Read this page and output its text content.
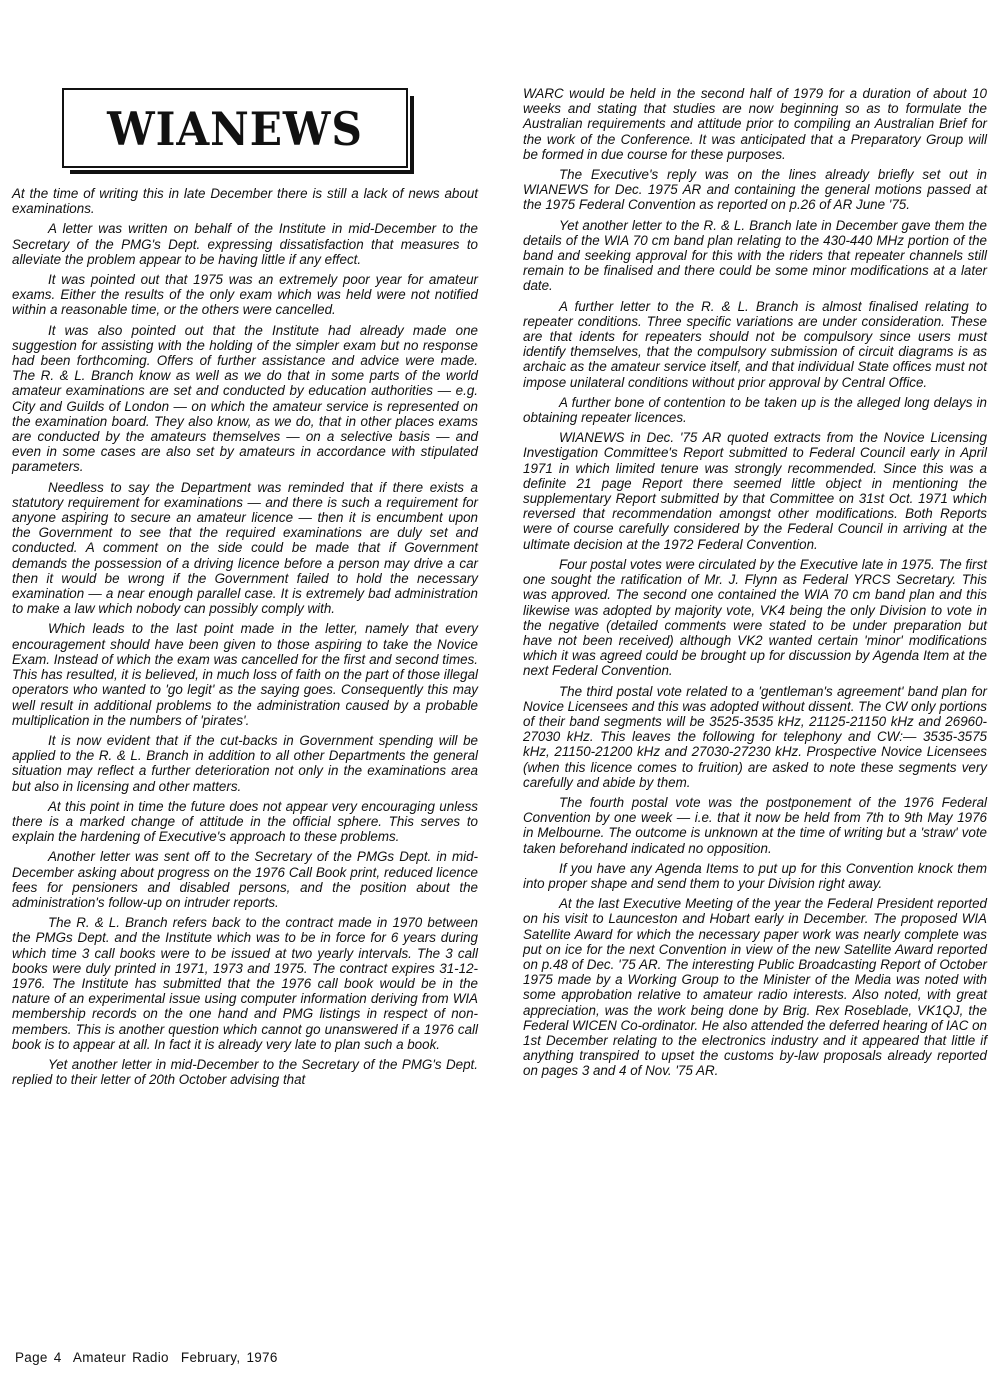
WIANEWS

At the time of writing this in late December there is still a lack of news about examinations.

A letter was written on behalf of the Institute in mid-December to the Secretary of the PMG's Dept. expressing dissatisfaction that measures to alleviate the problem appear to be having little if any effect.

It was pointed out that 1975 was an extremely poor year for amateur exams. Either the results of the only exam which was held were not notified within a reasonable time, or the others were cancelled.

It was also pointed out that the Institute had already made one suggestion for assisting with the holding of the simpler exam but no response had been forthcoming. Offers of further assistance and advice were made. The R. & L. Branch know as well as we do that in some parts of the world amateur examinations are set and conducted by education authorities — e.g. City and Guilds of London — on which the amateur service is represented on the examination board. They also know, as we do, that in other places exams are conducted by the amateurs themselves — on a selective basis — and even in some cases are also set by amateurs in accordance with stipulated parameters.

Needless to say the Department was reminded that if there exists a statutory requirement for examinations — and there is such a requirement for anyone aspiring to secure an amateur licence — then it is encumbent upon the Government to see that the required examinations are duly set and conducted. A comment on the side could be made that if Government demands the possession of a driving licence before a person may drive a car then it would be wrong if the Government failed to hold the necessary examination — a near enough parallel case. It is extremely bad administration to make a law which nobody can possibly comply with.

Which leads to the last point made in the letter, namely that every encouragement should have been given to those aspiring to take the Novice Exam. Instead of which the exam was cancelled for the first and second times. This has resulted, it is believed, in much loss of faith on the part of those illegal operators who wanted to 'go legit' as the saying goes. Consequently this may well result in additional problems to the administration caused by a probable multiplication in the numbers of 'pirates'.

It is now evident that if the cut-backs in Government spending will be applied to the R. & L. Branch in addition to all other Departments the general situation may reflect a further deterioration not only in the examinations area but also in licensing and other matters.

At this point in time the future does not appear very encouraging unless there is a marked change of attitude in the official sphere. This serves to explain the hardening of Executive's approach to these problems.

Another letter was sent off to the Secretary of the PMGs Dept. in mid-December asking about progress on the 1976 Call Book print, reduced licence fees for pensioners and disabled persons, and the position about the administration's follow-up on intruder reports.

The R. & L. Branch refers back to the contract made in 1970 between the PMGs Dept. and the Institute which was to be in force for 6 years during which time 3 call books were to be issued at two yearly intervals. The 3 call books were duly printed in 1971, 1973 and 1975. The contract expires 31-12-1976. The Institute has submitted that the 1976 call book would be in the nature of an experimental issue using computer information deriving from WIA membership records on the one hand and PMG listings in respect of non-members. This is another question which cannot go unanswered if a 1976 call book is to appear at all. In fact it is already very late to plan such a book.

Yet another letter in mid-December to the Secretary of the PMG's Dept. replied to their letter of 20th October advising that

WARC would be held in the second half of 1979 for a duration of about 10 weeks and stating that studies are now beginning so as to formulate the Australian requirements and attitude prior to compiling an Australian Brief for the work of the Conference. It was anticipated that a Preparatory Group will be formed in due course for these purposes.

The Executive's reply was on the lines already briefly set out in WIANEWS for Dec. 1975 AR and containing the general motions passed at the 1975 Federal Convention as reported on p.26 of AR June '75.

Yet another letter to the R. & L. Branch late in December gave them the details of the WIA 70 cm band plan relating to the 430-440 MHz portion of the band and seeking approval for this with the riders that repeater channels still remain to be finalised and there could be some minor modifications at a later date.

A further letter to the R. & L. Branch is almost finalised relating to repeater conditions. Three specific variations are under consideration. These are that idents for repeaters should not be compulsory since users must identify themselves, that the compulsory submission of circuit diagrams is as archaic as the amateur service itself, and that individual State offices must not impose unilateral conditions without prior approval by Central Office.

A further bone of contention to be taken up is the alleged long delays in obtaining repeater licences.

WIANEWS in Dec. '75 AR quoted extracts from the Novice Licensing Investigation Committee's Report submitted to Federal Council early in April 1971 in which limited tenure was strongly recommended. Since this was a definite 21 page Report there seemed little object in mentioning the supplementary Report submitted by that Committee on 31st Oct. 1971 which reversed that recommendation amongst other modifications. Both Reports were of course carefully considered by the Federal Council in arriving at the ultimate decision at the 1972 Federal Convention.

Four postal votes were circulated by the Executive late in 1975. The first one sought the ratification of Mr. J. Flynn as Federal YRCS Secretary. This was approved. The second one contained the WIA 70 cm band plan and this likewise was adopted by majority vote, VK4 being the only Division to vote in the negative (detailed comments were stated to be under preparation but have not been received) although VK2 wanted certain 'minor' modifications which it was agreed could be brought up for discussion by Agenda Item at the next Federal Convention.

The third postal vote related to a 'gentleman's agreement' band plan for Novice Licensees and this was adopted without dissent. The CW only portions of their band segments will be 3525-3535 kHz, 21125-21150 kHz and 26960-27030 kHz. This leaves the following for telephony and CW:— 3535-3575 kHz, 21150-21200 kHz and 27030-27230 kHz. Prospective Novice Licensees (when this licence comes to fruition) are asked to note these segments very carefully and abide by them.

The fourth postal vote was the postponement of the 1976 Federal Convention by one week — i.e. that it now be held from 7th to 9th May 1976 in Melbourne. The outcome is unknown at the time of writing but a 'straw' vote taken beforehand indicated no opposition.

If you have any Agenda Items to put up for this Convention knock them into proper shape and send them to your Division right away.

At the last Executive Meeting of the year the Federal President reported on his visit to Launceston and Hobart early in December. The proposed WIA Satellite Award for which the necessary paper work was nearly complete was put on ice for the next Convention in view of the new Satellite Award reported on p.48 of Dec. '75 AR. The interesting Public Broadcasting Report of October 1975 made by a Working Group to the Minister of the Media was noted with some approbation relative to amateur radio interests. Also noted, with great appreciation, was the work being done by Brig. Rex Roseblade, VK1QJ, the Federal WICEN Co-ordinator. He also attended the deferred hearing of IAC on 1st December relating to the electronics industry and it appeared that little if anything transpired to upset the customs by-law proposals already reported on pages 3 and 4 of Nov. '75 AR.

Page 4 Amateur Radio February, 1976
